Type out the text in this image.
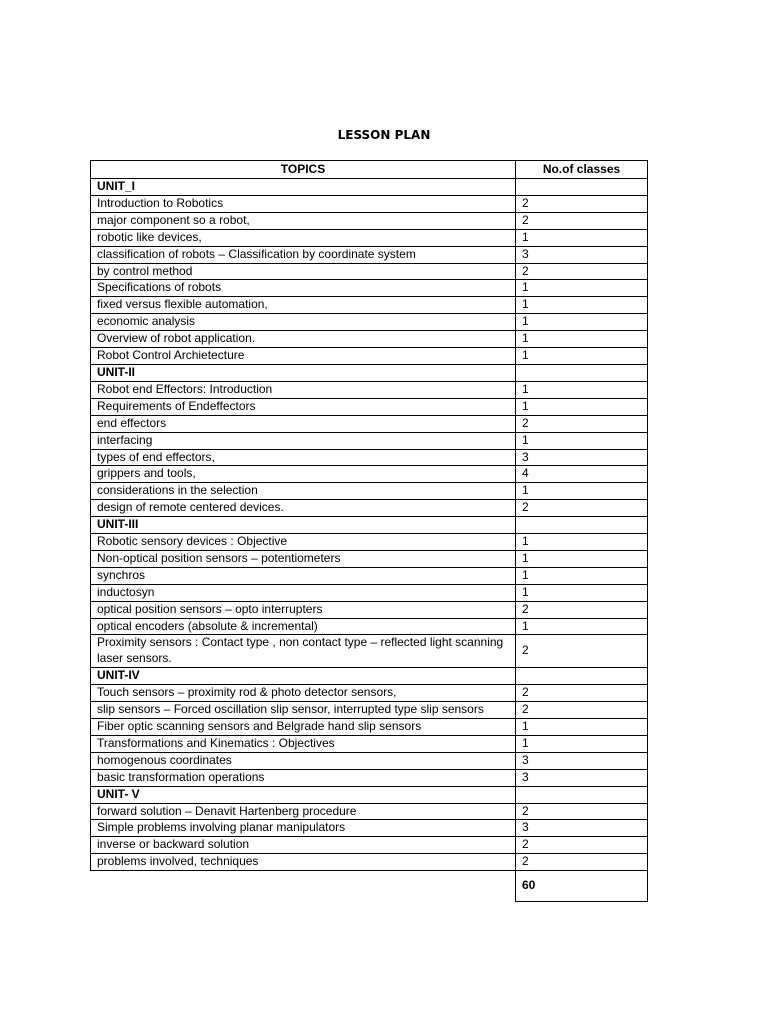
LESSON PLAN
TOPICS	No.of classes
UNIT_I	
Introduction to Robotics	2
major component so a robot,	2
robotic like devices,	1
classification of robots – Classification by coordinate system	3
by control method	2
Specifications of robots	1
fixed versus flexible automation,	1
economic analysis	1
Overview of robot application.	1
Robot Control Archietecture	1
UNIT-II	
Robot end Effectors: Introduction	1
Requirements of Endeffectors	1
end effectors	2
interfacing	1
types of end effectors,	3
grippers and tools,	4
considerations in the selection	1
design of remote centered devices.	2
UNIT-III	
Robotic sensory devices : Objective	1
Non-optical position sensors – potentiometers	1
synchros	1
inductosyn	1
optical position sensors – opto interrupters	2
optical encoders (absolute & incremental)	1
Proximity sensors : Contact type , non contact type – reflected light scanning laser sensors.	2
UNIT-IV	
Touch sensors – proximity rod & photo detector sensors,	2
slip sensors – Forced oscillation slip sensor, interrupted type slip sensors	2
Fiber optic scanning sensors and Belgrade hand slip sensors	1
Transformations and Kinematics : Objectives	1
homogenous coordinates	3
basic transformation operations	3
UNIT- V	
forward solution – Denavit Hartenberg procedure	2
Simple problems involving planar manipulators	3
inverse or backward solution	2
problems involved, techniques	2
	60
